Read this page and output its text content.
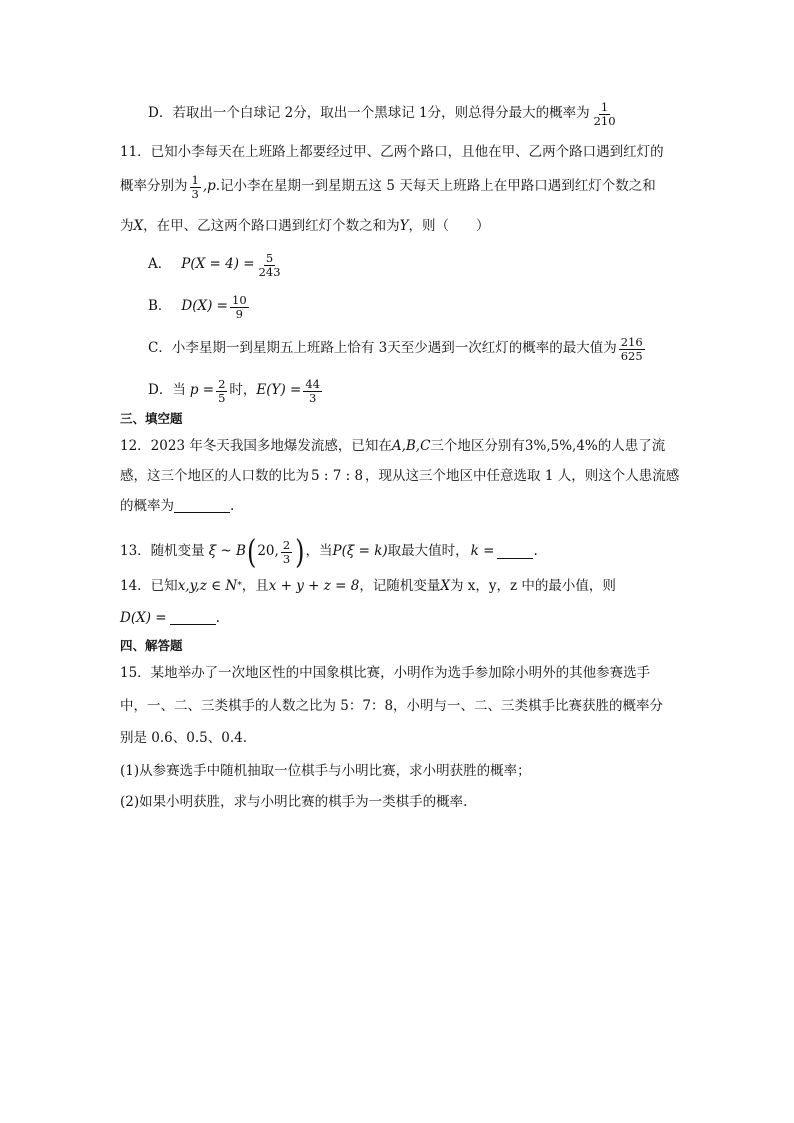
D． 若取出一个白球记 2分，取出一个黑球记 1分，则总得分最大的概率为 $\frac{1}{210}$
11．已知小李每天在上班路上都要经过甲、乙两个路口，且他在甲、乙两个路口遇到红灯的
概率分别为 $\frac{1}{3} ,p$ .记小李在星期一到星期五这 5 天每天上班路上在甲路口遇到红灯个数之和
为 X ，在甲、乙这两个路口遇到红灯个数之和为 Y ，则（　　）
A． $P(X = 4) = \frac{5}{243}$
B． $D(X) = \frac{10}{9}$
C． 小李星期一到星期五上班路上恰有 3天至少遇到一次红灯的概率的最大值为 $\frac{216}{625}$
D． 当 $p = \frac{2}{5}$ 时， $E(Y) = \frac{44}{3}$
三、填空题
12．2023 年冬天我国多地爆发流感，已知在 A,B,C 三个地区分别有 3%,5%,4% 的人患了流
感，这三个地区的人口数的比为 5 : 7 : 8 ，现从这三个地区中任意选取 1 人，则这个人患流感
的概率为	.
13．随机变量 ξ ~ B ( 20, $\frac{2}{3}$ ) ，当 P(ξ = k) 取最大值时， k =	.
14．已知 x,y,z ∈ N * ，且 x + y + z = 8 ，记随机变量 X 为 x，y，z 中的最小值，则
D(X) =	.
四、解答题
15．某地举办了一次地区性的中国象棋比赛，小明作为选手参加除小明外的其他参赛选手
中，一、二、三类棋手的人数之比为 5：7：8，小明与一、二、三类棋手比赛获胜的概率分
别是 0.6、0.5、0.4.
(1)从参赛选手中随机抽取一位棋手与小明比赛，求小明获胜的概率；
(2)如果小明获胜，求与小明比赛的棋手为一类棋手的概率.
